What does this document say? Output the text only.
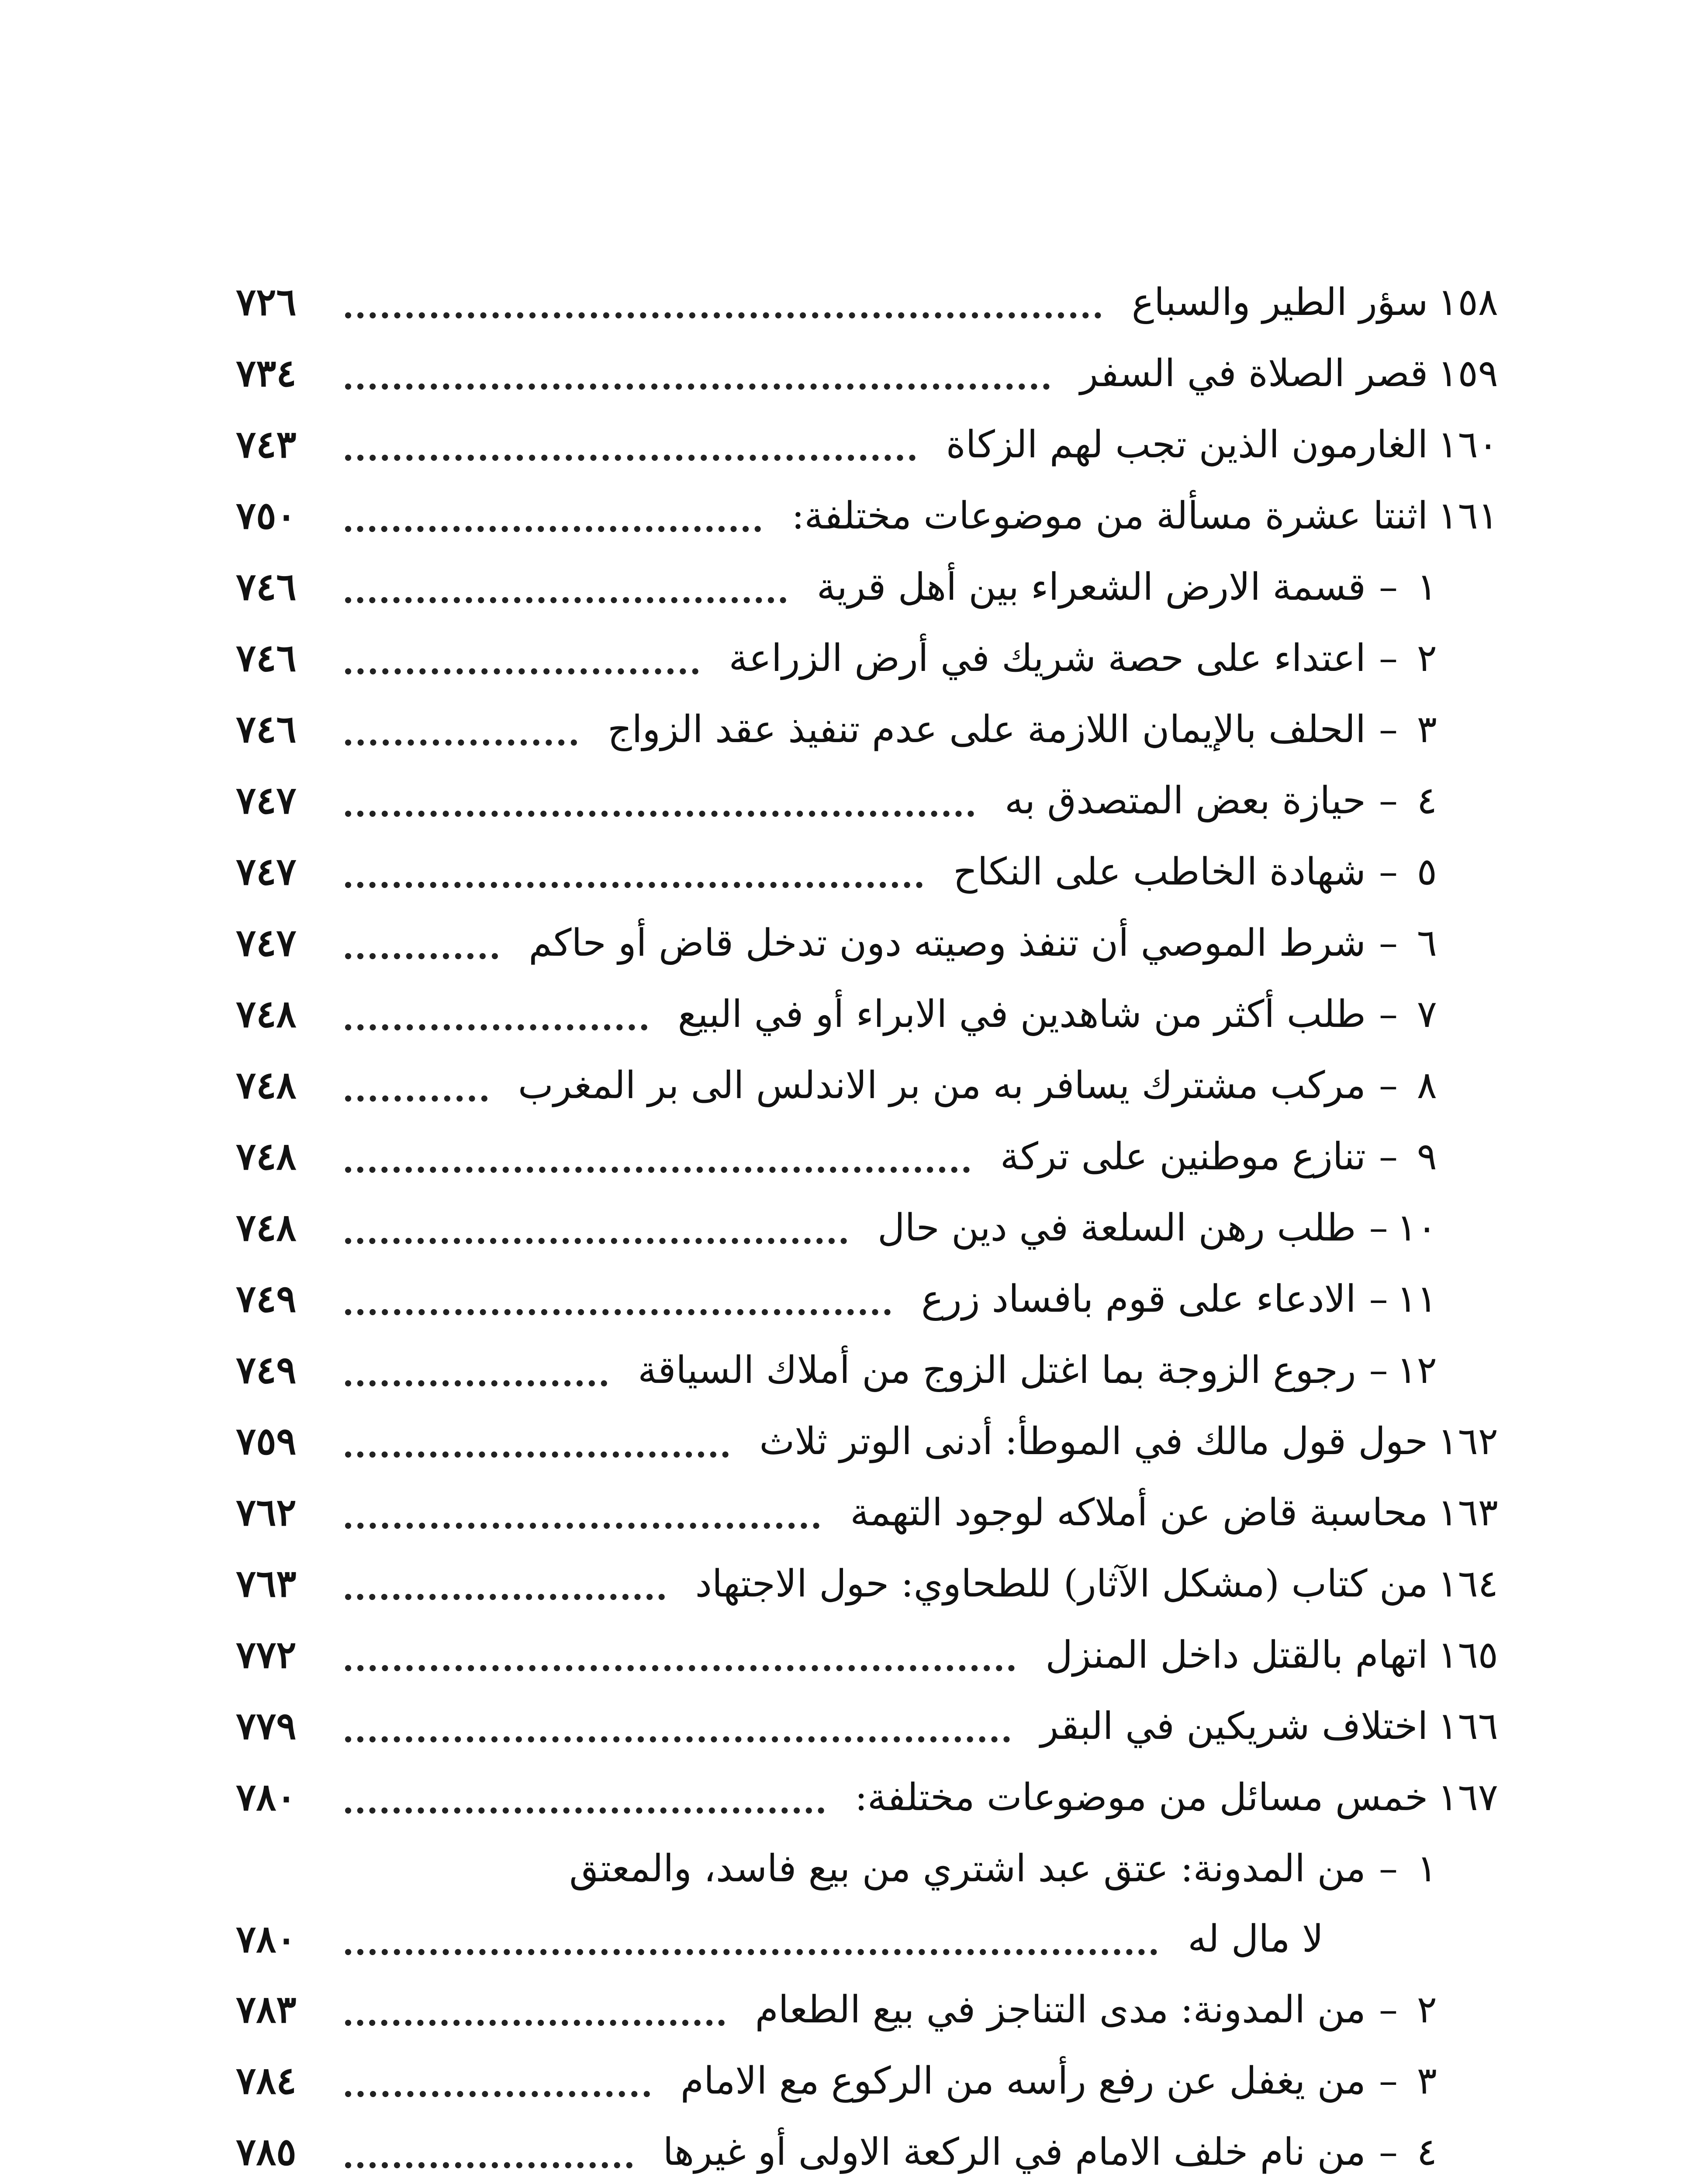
١٥٨
سؤر الطير والسباع
٧٢٦
١٥٩
قصر الصلاة في السفر
٧٣٤
١٦٠
الغارمون الذين تجب لهم الزكاة
٧٤٣
١٦١
اثنتا عشرة مسألة من موضوعات مختلفة:
٧٥٠
١
–
قسمة الارض الشعراء بين أهل قرية
٧٤٦
٢
–
اعتداء على حصة شريك في أرض الزراعة
٧٤٦
٣
–
الحلف بالإيمان اللازمة على عدم تنفيذ عقد الزواج
٧٤٦
٤
–
حيازة بعض المتصدق به
٧٤٧
٥
–
شهادة الخاطب على النكاح
٧٤٧
٦
–
شرط الموصي أن تنفذ وصيته دون تدخل قاض أو حاكم
٧٤٧
٧
–
طلب أكثر من شاهدين في الابراء أو في البيع
٧٤٨
٨
–
مركب مشترك يسافر به من بر الاندلس الى بر المغرب
٧٤٨
٩
–
تنازع موطنين على تركة
٧٤٨
١٠
–
طلب رهن السلعة في دين حال
٧٤٨
١١
–
الادعاء على قوم بافساد زرع
٧٤٩
١٢
–
رجوع الزوجة بما اغتل الزوج من أملاك السياقة
٧٤٩
١٦٢
حول قول مالك في الموطأ: أدنى الوتر ثلاث
٧٥٩
١٦٣
محاسبة قاض عن أملاكه لوجود التهمة
٧٦٢
١٦٤
من كتاب (مشكل الآثار) للطحاوي: حول الاجتهاد
٧٦٣
١٦٥
اتهام بالقتل داخل المنزل
٧٧٢
١٦٦
اختلاف شريكين في البقر
٧٧٩
١٦٧
خمس مسائل من موضوعات مختلفة:
٧٨٠
١
–
من المدونة: عتق عبد اشتري من بيع فاسد، والمعتق
لا مال له
٧٨٠
٢
–
من المدونة: مدى التناجز في بيع الطعام
٧٨٣
٣
–
من يغفل عن رفع رأسه من الركوع مع الامام
٧٨٤
٤
–
من نام خلف الامام في الركعة الاولى أو غيرها
٧٨٥
